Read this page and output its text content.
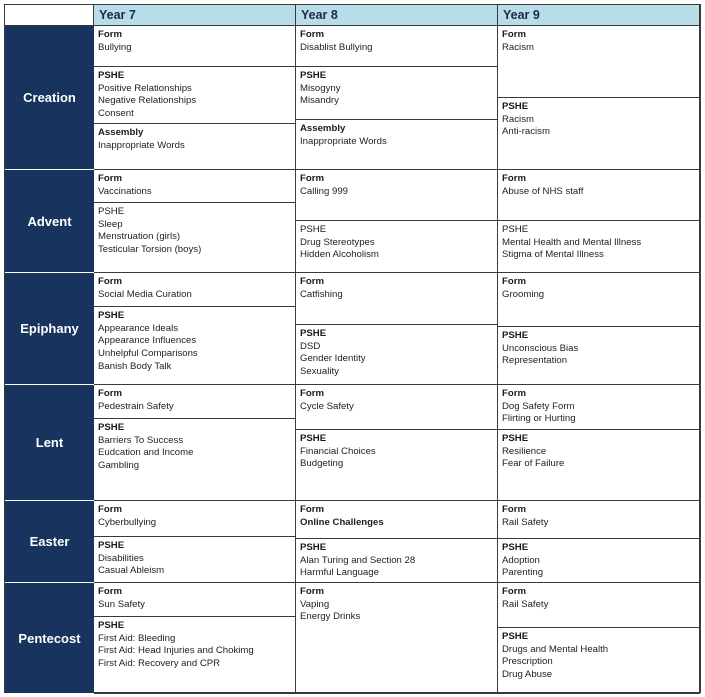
Year 7	Year 8	Year 9
Creation
Advent
Epiphany
Lent
Easter
Pentecost
Form
Bullying
PSHE
Positive Relationships
Negative Relationships
Consent
Assembly
Inappropriate Words
Form
Disablist Bullying
PSHE
Misogyny
Misandry
Assembly
Inappropriate Words
Form
Racism
PSHE
Racism
Anti-racism
Form
Vaccinations
PSHE
Sleep
Menstruation (girls)
Testicular Torsion (boys)
Form
Calling 999
PSHE
Drug Stereotypes
Hidden Alcoholism
Form
Abuse of NHS staff
PSHE
Mental Health and Mental Illness
Stigma of Mental Illness
Form
Social Media Curation
PSHE
Appearance Ideals
Appearance Influences
Unhelpful Comparisons
Banish Body Talk
Form
Catfishing
PSHE
DSD
Gender Identity
Sexuality
Form
Grooming
PSHE
Unconscious Bias
Representation
Form
Pedestrain Safety
PSHE
Barriers To Success
Eudcation and Income
Gambling
Form
Cycle Safety
PSHE
Financial Choices
Budgeting
Form
Dog Safety Form
Flirting or Hurting
PSHE
Resilience
Fear of Failure
Form
Cyberbullying
PSHE
Disabilities
Casual Ableism
Form
Online Challenges
PSHE
Alan Turing and Section 28
Harmful Language
Form
Rail Safety
PSHE
Adoption
Parenting
Form
Sun Safety
PSHE
First Aid: Bleeding
First Aid: Head Injuries and Chokimg
First Aid: Recovery and CPR
Form
Vaping
Energy Drinks
Form
Rail Safety
PSHE
Drugs and Mental Health
Prescription
Drug Abuse
